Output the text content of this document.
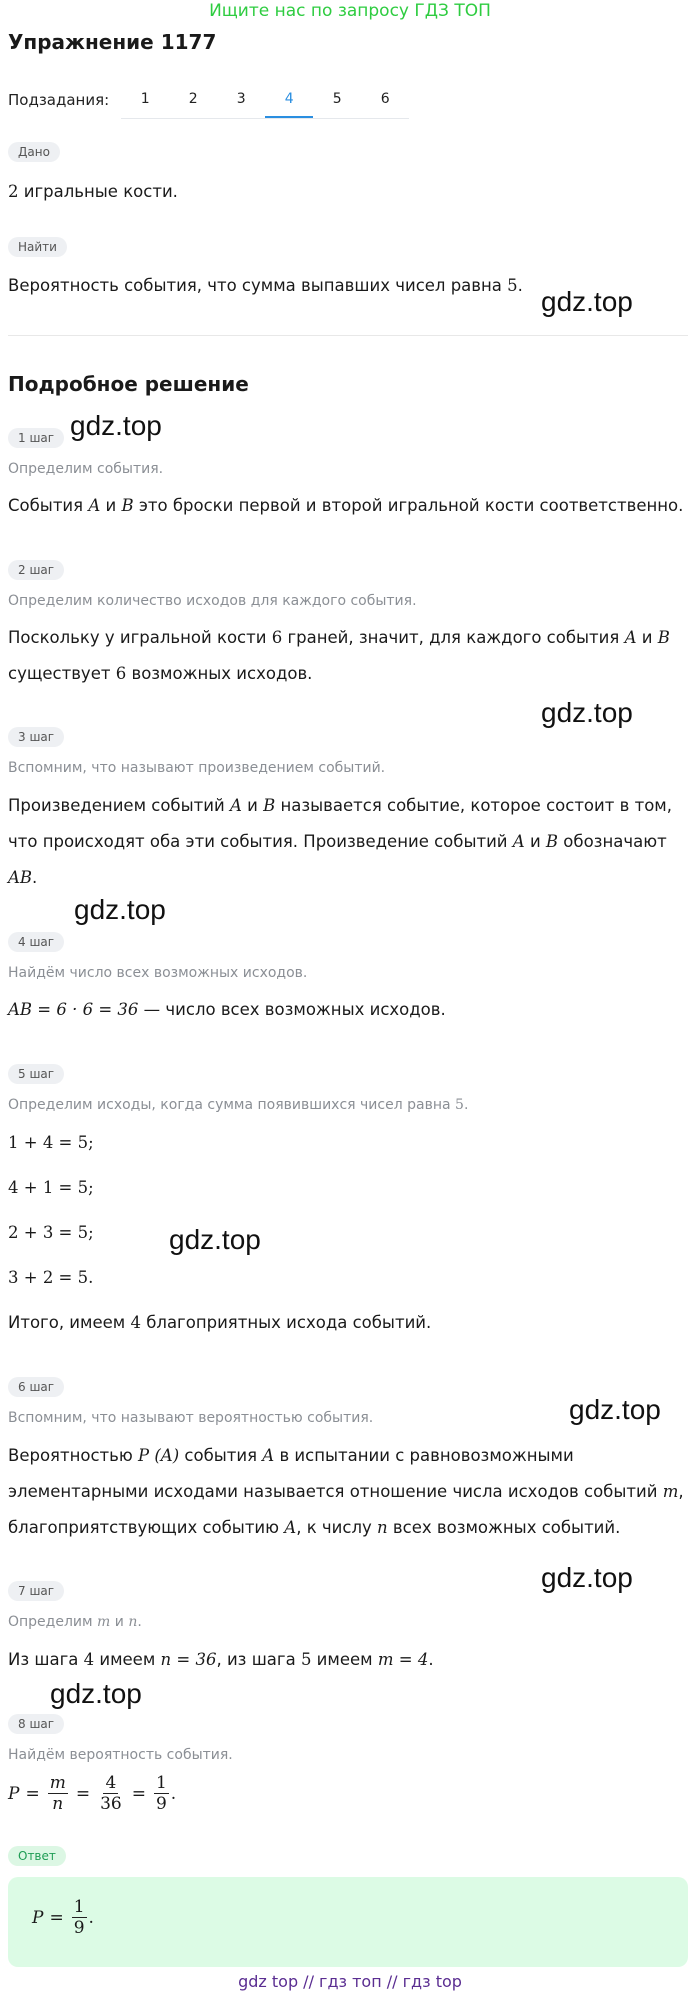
Ищите нас по запросу ГДЗ ТОП
Упражнение 1177
Подзадания:	1	2	3	4	5	6
Дано
2 игральные кости.
Найти
Вероятность события, что сумма выпавших чисел равна 5.
gdz.top
Подробное решение
1 шаг gdz.top
Определим события.
События A и B это броски первой и второй игральной кости соответственно.
2 шаг
Определим количество исходов для каждого события.
Поскольку у игральной кости 6 граней, значит, для каждого события A и B
существует 6 возможных исходов.
gdz.top
3 шаг
Вспомним, что называют произведением событий.
Произведением событий A и B называется событие, которое состоит в том,
что происходят оба эти события. Произведение событий A и B обозначают
AB.
gdz.top
4 шаг
Найдём число всех возможных исходов.
AB = 6 · 6 = 36 — число всех возможных исходов.
5 шаг
Определим исходы, когда сумма появившихся чисел равна 5.
1 + 4 = 5;
4 + 1 = 5;
2 + 3 = 5;
3 + 2 = 5.
gdz.top
Итого, имеем 4 благоприятных исхода событий.
6 шаг
gdz.top
Вспомним, что называют вероятностью события.
Вероятностью P (A) события A в испытании с равновозможными
элементарными исходами называется отношение числа исходов событий m,
благоприятствующих событию A, к числу n всех возможных событий.
gdz.top
7 шаг
Определим m и n.
Из шага 4 имеем n = 36, из шага 5 имеем m = 4.
gdz.top
8 шаг
Найдём вероятность события.
$P = \frac{m}{n} = \frac{4}{36} = \frac{1}{9}$ .
Ответ
$P = \frac{1}{9}$ .
gdz top // гдз топ // гдз top
